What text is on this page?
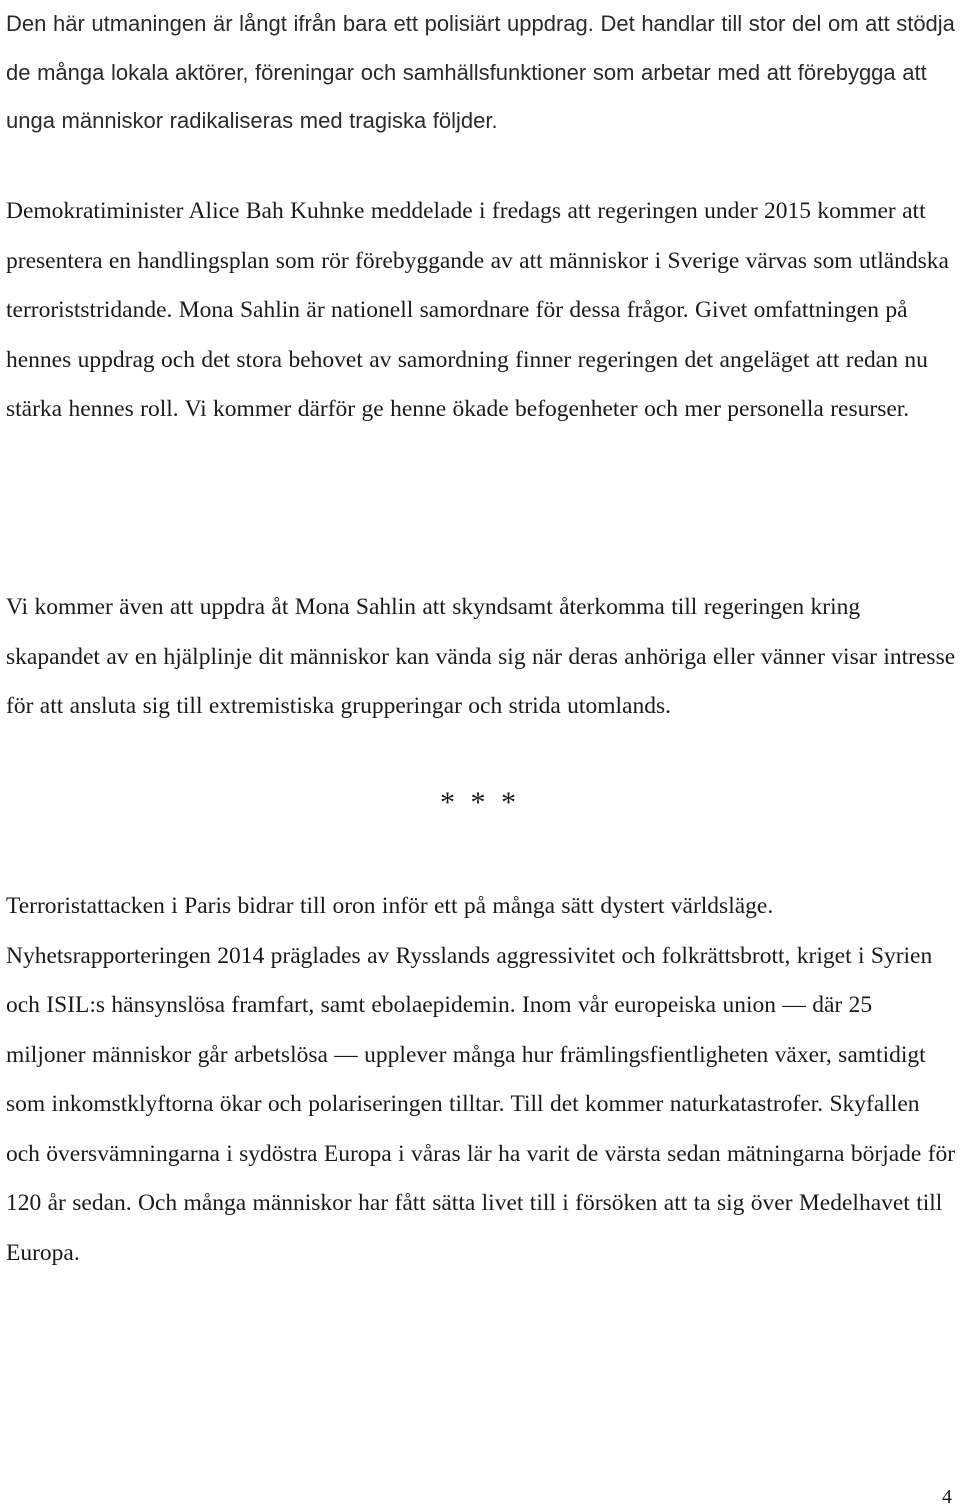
Den här utmaningen är långt ifrån bara ett polisiärt uppdrag. Det handlar till stor del om att stödja de många lokala aktörer, föreningar och samhällsfunktioner som arbetar med att förebygga att unga människor radikaliseras med tragiska följder.

Demokratiminister Alice Bah Kuhnke meddelade i fredags att regeringen under 2015 kommer att presentera en handlingsplan som rör förebyggande av att människor i Sverige värvas som utländska terroriststridande. Mona Sahlin är nationell samordnare för dessa frågor. Givet omfattningen på hennes uppdrag och det stora behovet av samordning finner regeringen det angeläget att redan nu stärka hennes roll. Vi kommer därför ge henne ökade befogenheter och mer personella resurser.

Vi kommer även att uppdra åt Mona Sahlin att skyndsamt återkomma till regeringen kring skapandet av en hjälplinje dit människor kan vända sig när deras anhöriga eller vänner visar intresse för att ansluta sig till extremistiska grupperingar och strida utomlands.

* * *

Terroristattacken i Paris bidrar till oron inför ett på många sätt dystert världsläge. Nyhetsrapporteringen 2014 präglades av Rysslands aggressivitet och folkrättsbrott, kriget i Syrien och ISIL:s hänsynslösa framfart, samt ebolaepidemin. Inom vår europeiska union — där 25 miljoner människor går arbetslösa — upplever många hur främlingsfientligheten växer, samtidigt som inkomstklyftorna ökar och polariseringen tilltar. Till det kommer naturkatastrofer. Skyfallen och översvämningarna i sydöstra Europa i våras lär ha varit de värsta sedan mätningarna började för 120 år sedan. Och många människor har fått sätta livet till i försöken att ta sig över Medelhavet till Europa.

4
